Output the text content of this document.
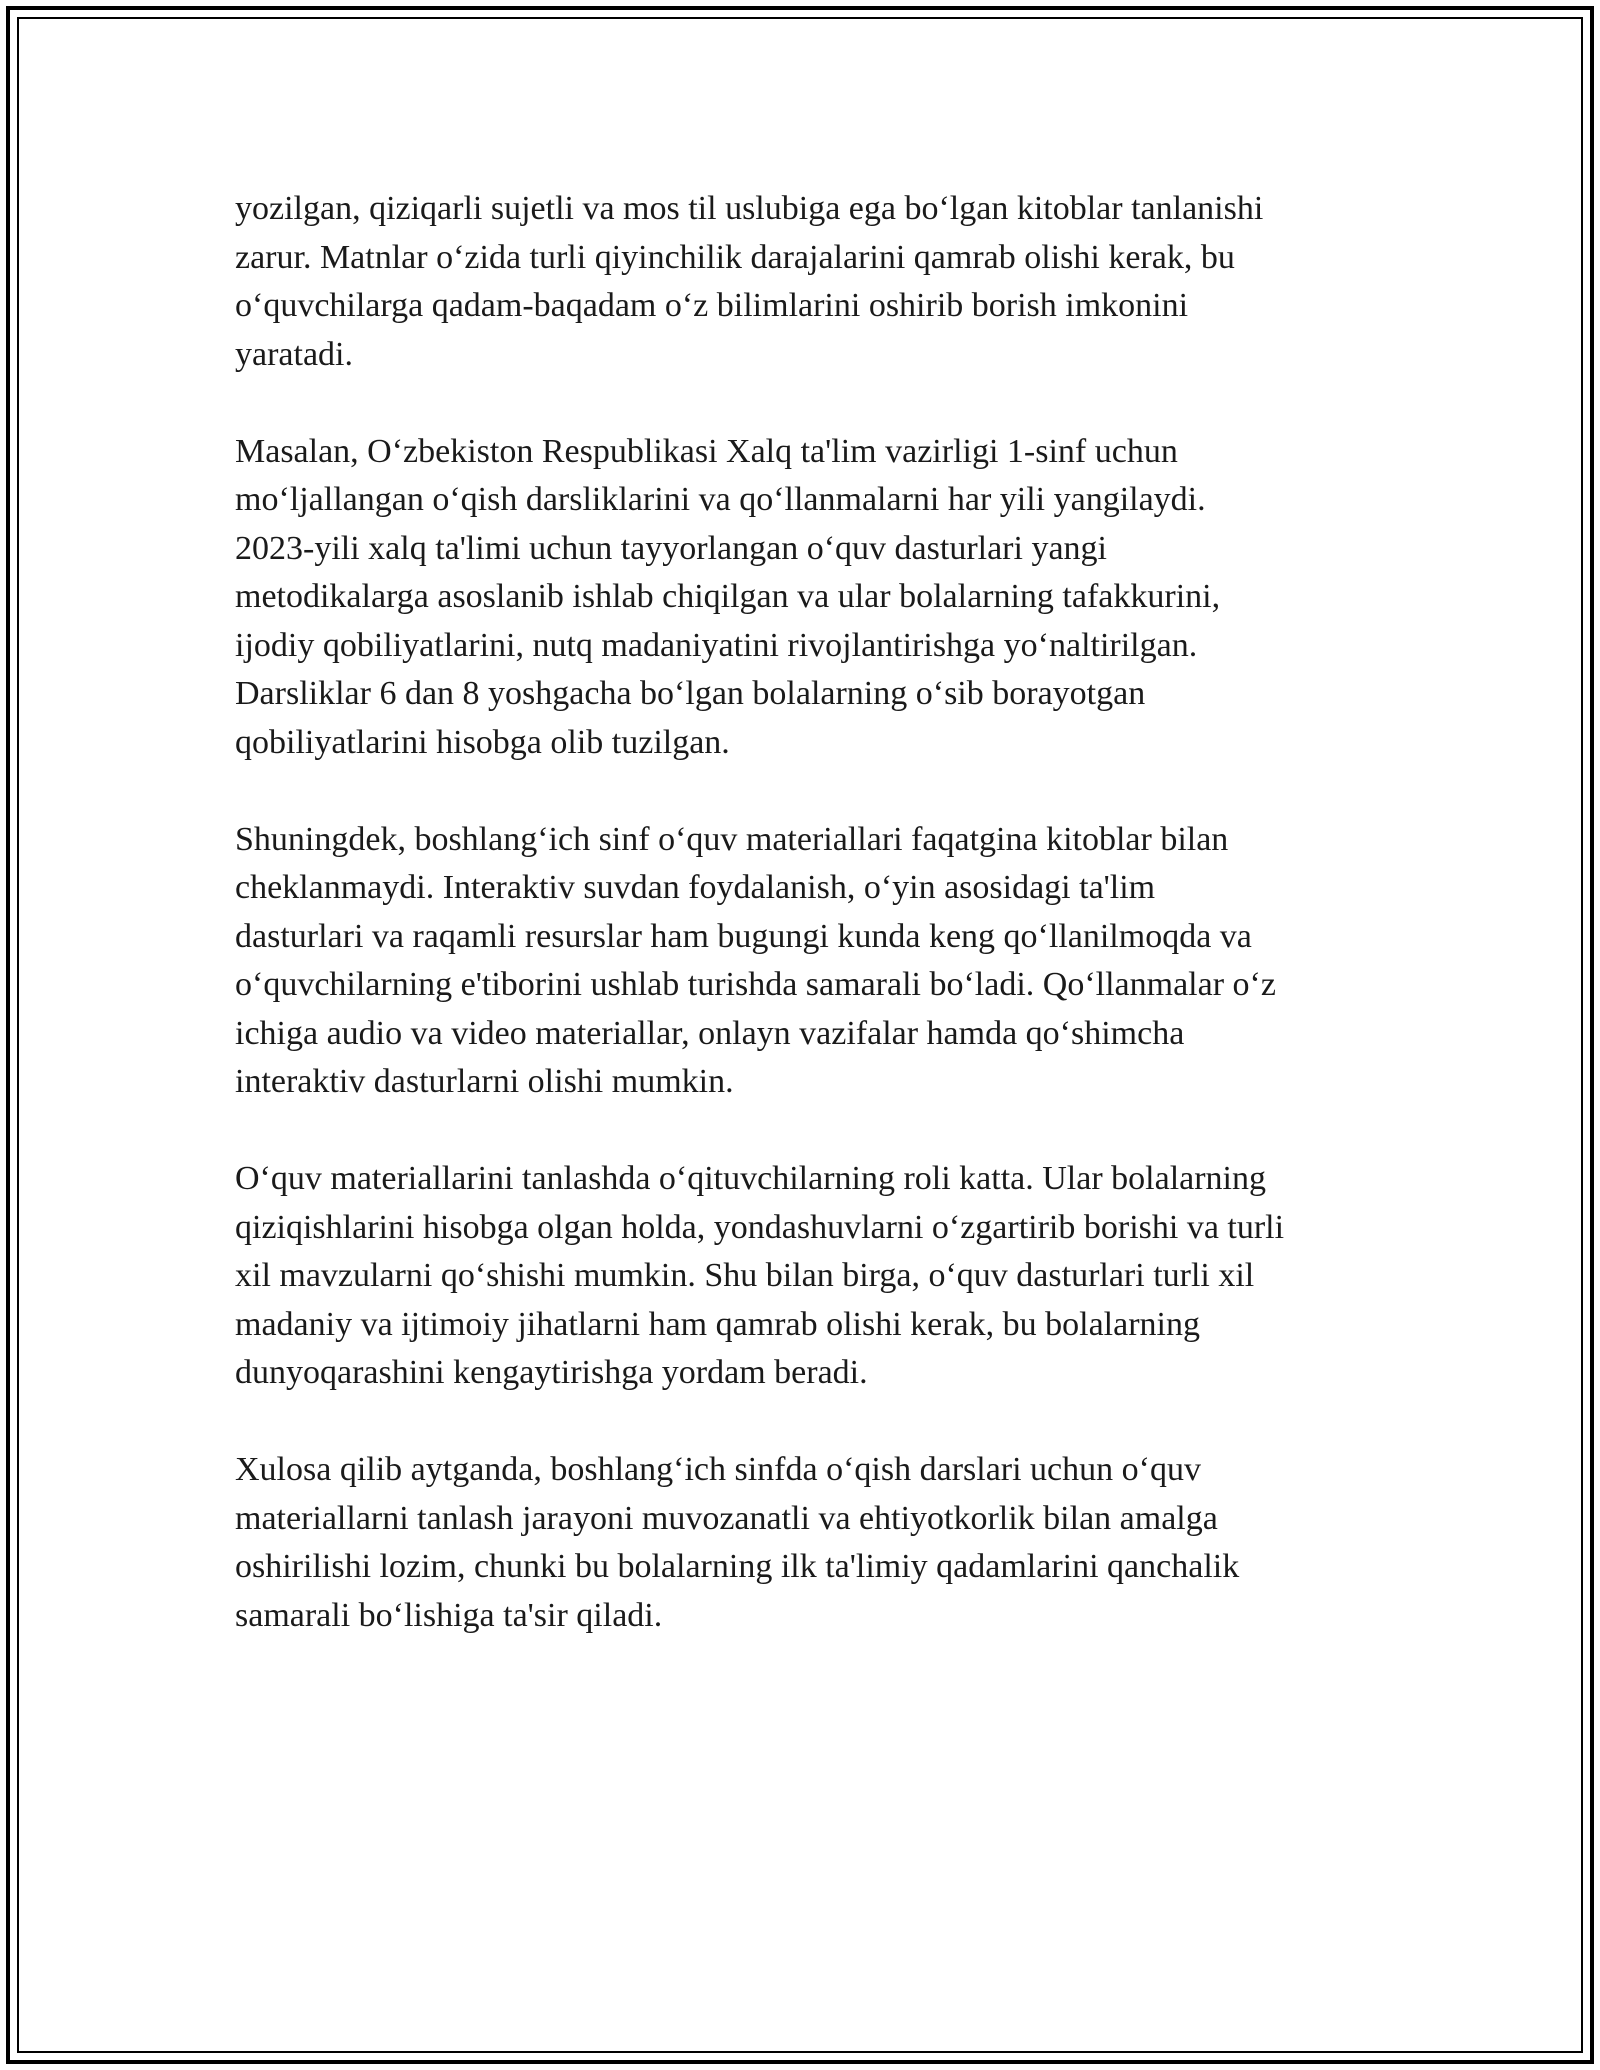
yozilgan, qiziqarli sujetli va mos til uslubiga ega bo‘lgan kitoblar tanlanishi
zarur. Matnlar o‘zida turli qiyinchilik darajalarini qamrab olishi kerak, bu
o‘quvchilarga qadam-baqadam o‘z bilimlarini oshirib borish imkonini
yaratadi.

Masalan, O‘zbekiston Respublikasi Xalq ta'lim vazirligi 1-sinf uchun
mo‘ljallangan o‘qish darsliklarini va qo‘llanmalarni har yili yangilaydi.
2023-yili xalq ta'limi uchun tayyorlangan o‘quv dasturlari yangi
metodikalarga asoslanib ishlab chiqilgan va ular bolalarning tafakkurini,
ijodiy qobiliyatlarini, nutq madaniyatini rivojlantirishga yo‘naltirilgan.
Darsliklar 6 dan 8 yoshgacha bo‘lgan bolalarning o‘sib borayotgan
qobiliyatlarini hisobga olib tuzilgan.

Shuningdek, boshlang‘ich sinf o‘quv materiallari faqatgina kitoblar bilan
cheklanmaydi. Interaktiv suvdan foydalanish, o‘yin asosidagi ta'lim
dasturlari va raqamli resurslar ham bugungi kunda keng qo‘llanilmoqda va
o‘quvchilarning e'tiborini ushlab turishda samarali bo‘ladi. Qo‘llanmalar o‘z
ichiga audio va video materiallar, onlayn vazifalar hamda qo‘shimcha
interaktiv dasturlarni olishi mumkin.

O‘quv materiallarini tanlashda o‘qituvchilarning roli katta. Ular bolalarning
qiziqishlarini hisobga olgan holda, yondashuvlarni o‘zgartirib borishi va turli
xil mavzularni qo‘shishi mumkin. Shu bilan birga, o‘quv dasturlari turli xil
madaniy va ijtimoiy jihatlarni ham qamrab olishi kerak, bu bolalarning
dunyoqarashini kengaytirishga yordam beradi.

Xulosa qilib aytganda, boshlang‘ich sinfda o‘qish darslari uchun o‘quv
materiallarni tanlash jarayoni muvozanatli va ehtiyotkorlik bilan amalga
oshirilishi lozim, chunki bu bolalarning ilk ta'limiy qadamlarini qanchalik
samarali bo‘lishiga ta'sir qiladi.
